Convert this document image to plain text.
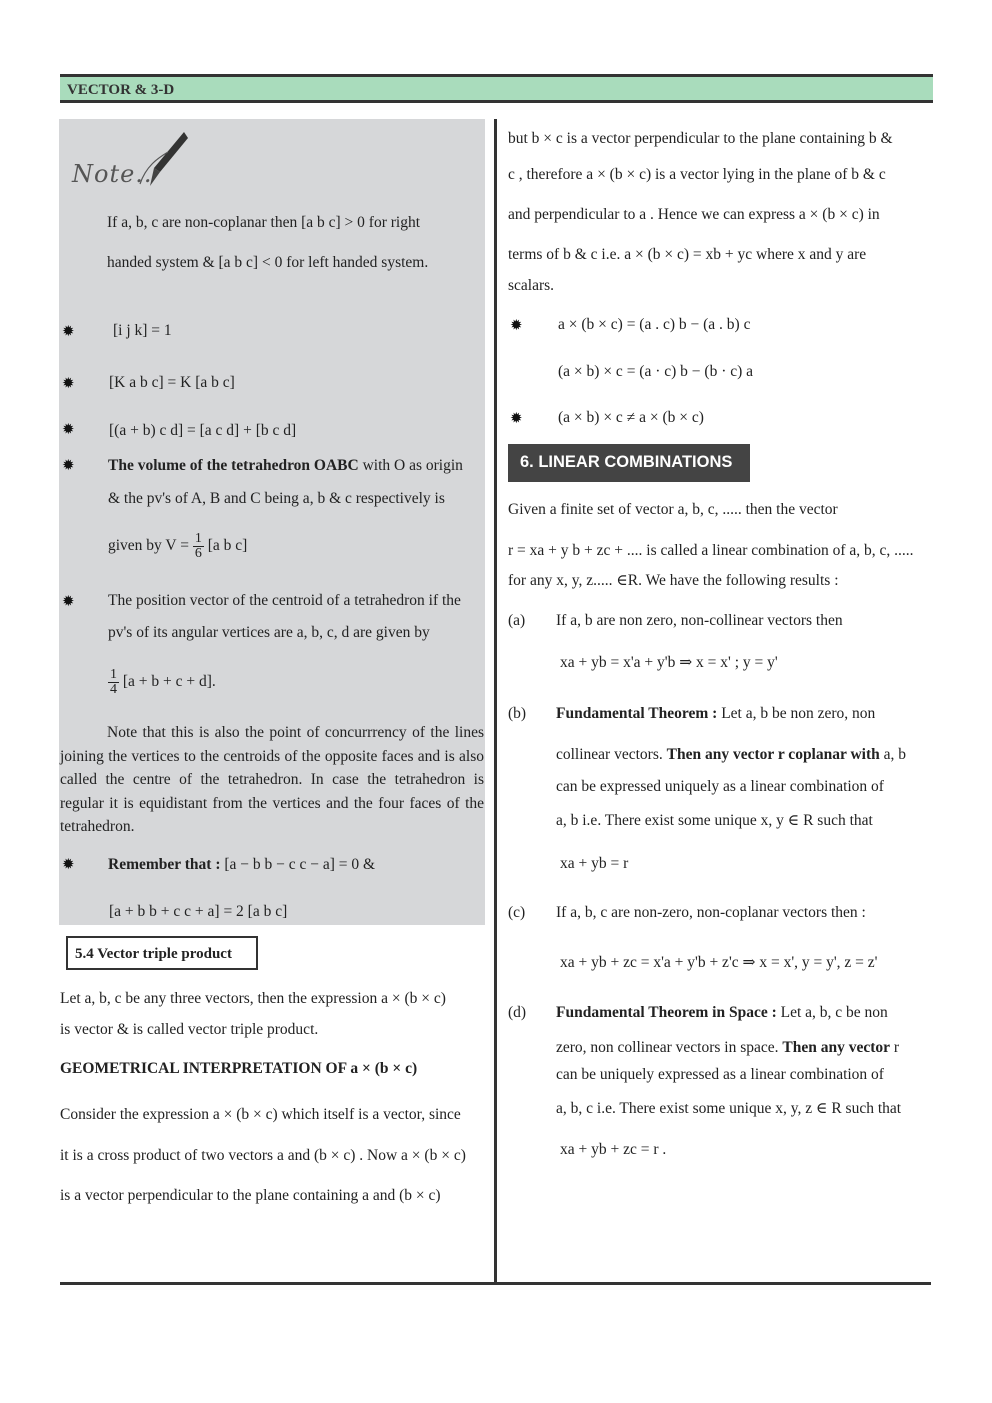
VECTOR & 3-D
Note..
If a, b, c are non-coplanar then [a b c] > 0 for right
handed system & [a b c] < 0 for left handed system.
✹ [i j k] = 1
✹ [K a b c] = K [a b c]
✹ [(a + b) c d] = [a c d] + [b c d]
✹ The volume of the tetrahedron OABC with O as origin
& the pv's of A, B and C being a, b & c respectively is
given by $V = \frac{1}{6} [a$ b c]
✹ The position vector of the centroid of a tetrahedron if the
pv's of its angular vertices are a, b, c, d are given by
$\frac{1}{4} [a + b + c + d]$.
Note that this is also the point of concurrrency of the lines joining the vertices to the centroids of the opposite faces and is also called the centre of the tetrahedron. In case the tetrahedron is regular it is equidistant from the vertices and the four faces of the tetrahedron.
✹ Remember that : [a − b b − c c − a] = 0 &
[a + b b + c c + a] = 2 [a b c]
5.4 Vector triple product
Let a, b, c be any three vectors, then the expression a × (b × c)
is vector & is called vector triple product.
GEOMETRICAL INTERPRETATION OF a × (b × c)
Consider the expression a × (b × c) which itself is a vector, since
it is a cross product of two vectors a and (b × c) . Now a × (b × c)
is a vector perpendicular to the plane containing a and (b × c)
but b × c is a vector perpendicular to the plane containing b &
c , therefore a × (b × c) is a vector lying in the plane of b & c
and perpendicular to a . Hence we can express a × (b × c) in
terms of b & c i.e. a × (b × c) = xb + yc where x and y are
scalars.
✹ a × (b × c) = (a . c) b − (a . b) c
(a × b) × c = (a · c) b − (b · c) a
✹ (a × b) × c ≠ a × (b × c)
6. LINEAR COMBINATIONS
Given a finite set of vector a, b, c, ..... then the vector
r = xa + y b + zc + .... is called a linear combination of a, b, c, .....
for any x, y, z..... ∈R. We have the following results :
(a) If a, b are non zero, non-collinear vectors then
xa + yb = x'a + y'b ⇒ x = x' ; y = y'
(b) Fundamental Theorem : Let a, b be non zero, non
collinear vectors. Then any vector r coplanar with a, b
can be expressed uniquely as a linear combination of
a, b i.e. There exist some unique x, y ∈ R such that
xa + yb = r
(c) If a, b, c are non-zero, non-coplanar vectors then :
xa + yb + zc = x'a + y'b + z'c ⇒ x = x', y = y', z = z'
(d) Fundamental Theorem in Space : Let a, b, c be non
zero, non collinear vectors in space. Then any vector r
can be uniquely expressed as a linear combination of
a, b, c i.e. There exist some unique x, y, z ∈ R such that
xa + yb + zc = r .
